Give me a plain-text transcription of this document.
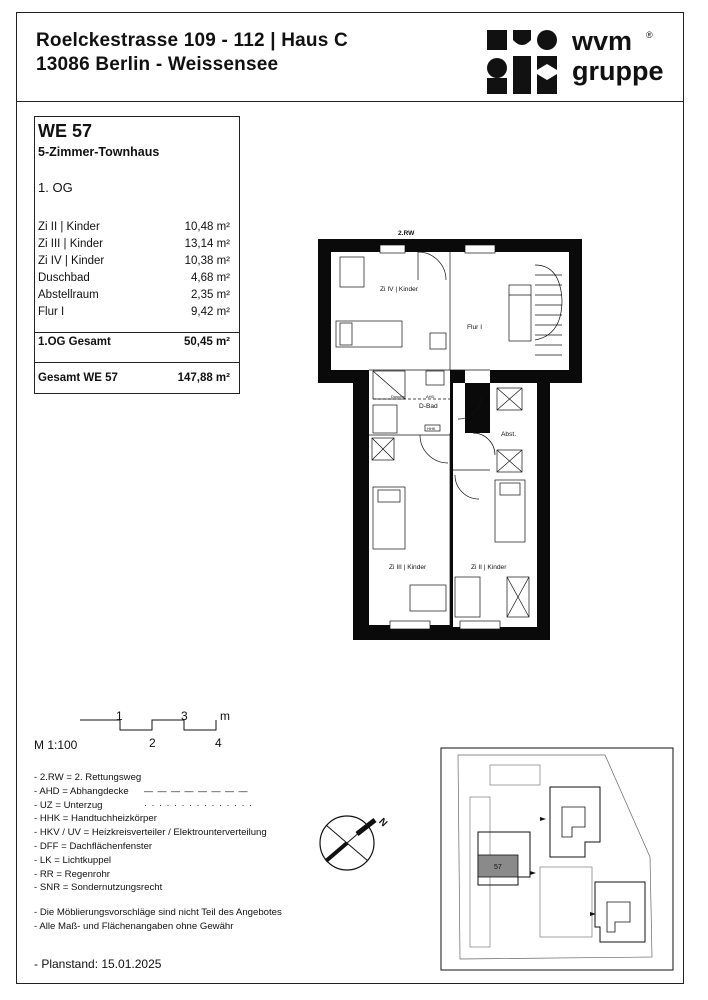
Roelckestrasse 109 - 112 | Haus C
13086 Berlin - Weissensee
wvm ®
gruppe
WE 57
5-Zimmer-Townhaus
1. OG
Zi II | Kinder	10,48 m²
Zi III | Kinder	13,14 m²
Zi IV | Kinder	10,38 m²
Duschbad	4,68 m²
Abstellraum	2,35 m²
Flur I	9,42 m²
1.OG Gesamt	50,45 m²
Gesamt WE 57	147,88 m²
2.RW
Zi IV | Kinder
Flur I
D-Bad
Dusche	AHD
HHK
Abst.
Zi III | Kinder	Zi II | Kinder
1	3	m
2	4
M 1:100
- 2.RW = 2. Rettungsweg
- AHD = Abhangdecke — — — — — — — —
- UZ = Unterzug	· · · · · · · · · · · · · · ·
- HHK = Handtuchheizkörper
- HKV / UV = Heizkreisverteiler / Elektrounterverteilung
- DFF = Dachflächenfenster
- LK = Lichtkuppel
- RR = Regenrohr
- SNR = Sondernutzungsrecht
- Die Möblierungsvorschläge sind nicht Teil des Angebotes
- Alle Maß- und Flächenangaben ohne Gewähr
- Planstand: 15.01.2025
N
57
